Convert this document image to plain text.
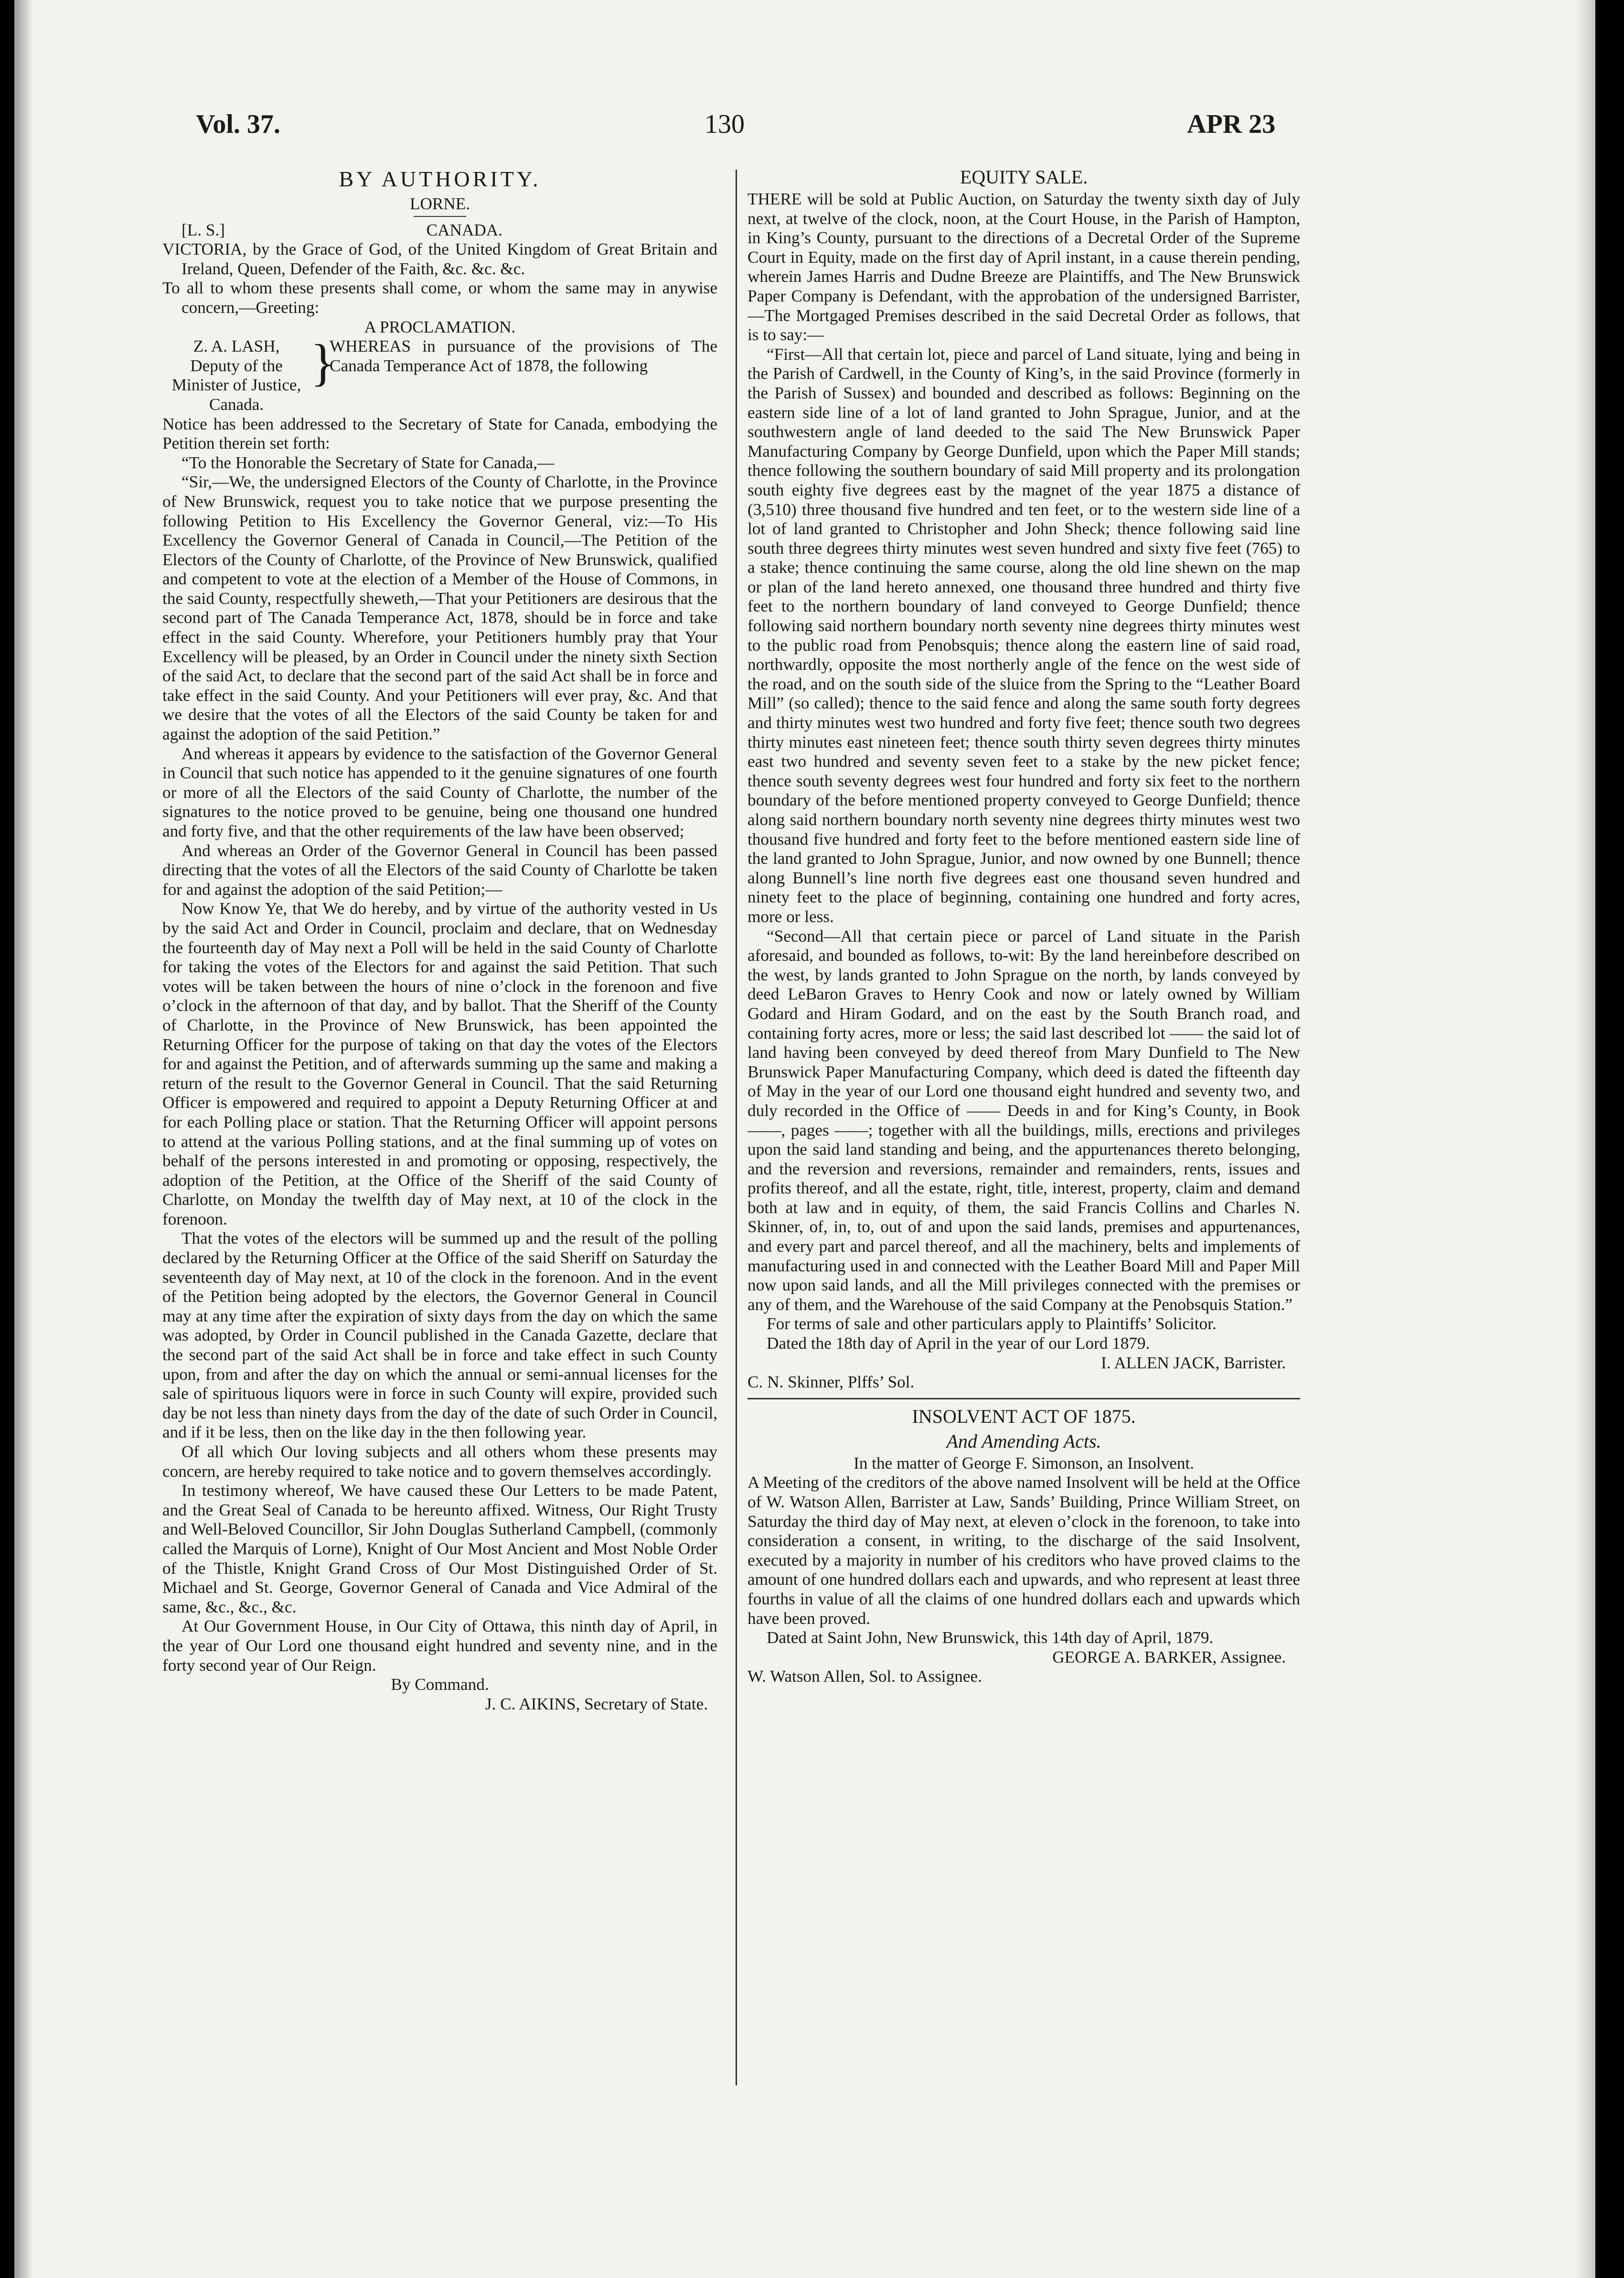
Vol. 37.	130	APR 23

BY AUTHORITY.

LORNE.

[L. S.]	CANADA.

VICTORIA, by the Grace of God, of the United Kingdom of Great Britain and Ireland, Queen, Defender of the Faith, &c. &c. &c.

To all to whom these presents shall come, or whom the same may in anywise concern,—Greeting:

A PROCLAMATION.

Z. A. LASH,
Deputy of the Minister of Justice, Canada.
}
WHEREAS in pursuance of the provisions of The Canada Temperance Act of 1878, the following

Notice has been addressed to the Secretary of State for Canada, embodying the Petition therein set forth:

“To the Honorable the Secretary of State for Canada,—

“Sir,—We, the undersigned Electors of the County of Charlotte, in the Province of New Brunswick, request you to take notice that we purpose presenting the following Petition to His Excellency the Governor General, viz:—To His Excellency the Governor General of Canada in Council,—The Petition of the Electors of the County of Charlotte, of the Province of New Brunswick, qualified and competent to vote at the election of a Member of the House of Commons, in the said County, respectfully sheweth,—That your Petitioners are desirous that the second part of The Canada Temperance Act, 1878, should be in force and take effect in the said County. Wherefore, your Petitioners humbly pray that Your Excellency will be pleased, by an Order in Council under the ninety sixth Section of the said Act, to declare that the second part of the said Act shall be in force and take effect in the said County. And your Petitioners will ever pray, &c. And that we desire that the votes of all the Electors of the said County be taken for and against the adoption of the said Petition.”

And whereas it appears by evidence to the satisfaction of the Governor General in Council that such notice has appended to it the genuine signatures of one fourth or more of all the Electors of the said County of Charlotte, the number of the signatures to the notice proved to be genuine, being one thousand one hundred and forty five, and that the other requirements of the law have been observed;

And whereas an Order of the Governor General in Council has been passed directing that the votes of all the Electors of the said County of Charlotte be taken for and against the adoption of the said Petition;—

Now Know Ye, that We do hereby, and by virtue of the authority vested in Us by the said Act and Order in Council, proclaim and declare, that on Wednesday the fourteenth day of May next a Poll will be held in the said County of Charlotte for taking the votes of the Electors for and against the said Petition. That such votes will be taken between the hours of nine o’clock in the forenoon and five o’clock in the afternoon of that day, and by ballot. That the Sheriff of the County of Charlotte, in the Province of New Brunswick, has been appointed the Returning Officer for the purpose of taking on that day the votes of the Electors for and against the Petition, and of afterwards summing up the same and making a return of the result to the Governor General in Council. That the said Returning Officer is empowered and required to appoint a Deputy Returning Officer at and for each Polling place or station. That the Returning Officer will appoint persons to attend at the various Polling stations, and at the final summing up of votes on behalf of the persons interested in and promoting or opposing, respectively, the adoption of the Petition, at the Office of the Sheriff of the said County of Charlotte, on Monday the twelfth day of May next, at 10 of the clock in the forenoon.

That the votes of the electors will be summed up and the result of the polling declared by the Returning Officer at the Office of the said Sheriff on Saturday the seventeenth day of May next, at 10 of the clock in the forenoon. And in the event of the Petition being adopted by the electors, the Governor General in Council may at any time after the expiration of sixty days from the day on which the same was adopted, by Order in Council published in the Canada Gazette, declare that the second part of the said Act shall be in force and take effect in such County upon, from and after the day on which the annual or semi-annual licenses for the sale of spirituous liquors were in force in such County will expire, provided such day be not less than ninety days from the day of the date of such Order in Council, and if it be less, then on the like day in the then following year.

Of all which Our loving subjects and all others whom these presents may concern, are hereby required to take notice and to govern themselves accordingly.

In testimony whereof, We have caused these Our Letters to be made Patent, and the Great Seal of Canada to be hereunto affixed. Witness, Our Right Trusty and Well-Beloved Councillor, Sir John Douglas Sutherland Campbell, (commonly called the Marquis of Lorne), Knight of Our Most Ancient and Most Noble Order of the Thistle, Knight Grand Cross of Our Most Distinguished Order of St. Michael and St. George, Governor General of Canada and Vice Admiral of the same, &c., &c., &c.

At Our Government House, in Our City of Ottawa, this ninth day of April, in the year of Our Lord one thousand eight hundred and seventy nine, and in the forty second year of Our Reign.

By Command.

J. C. AIKINS, Secretary of State.

EQUITY SALE.

THERE will be sold at Public Auction, on Saturday the twenty sixth day of July next, at twelve of the clock, noon, at the Court House, in the Parish of Hampton, in King’s County, pursuant to the directions of a Decretal Order of the Supreme Court in Equity, made on the first day of April instant, in a cause therein pending, wherein James Harris and Dudne Breeze are Plaintiffs, and The New Brunswick Paper Company is Defendant, with the approbation of the undersigned Barrister,—The Mortgaged Premises described in the said Decretal Order as follows, that is to say:—

“First—All that certain lot, piece and parcel of Land situate, lying and being in the Parish of Cardwell, in the County of King’s, in the said Province (formerly in the Parish of Sussex) and bounded and described as follows: Beginning on the eastern side line of a lot of land granted to John Sprague, Junior, and at the southwestern angle of land deeded to the said The New Brunswick Paper Manufacturing Company by George Dunfield, upon which the Paper Mill stands; thence following the southern boundary of said Mill property and its prolongation south eighty five degrees east by the magnet of the year 1875 a distance of (3,510) three thousand five hundred and ten feet, or to the western side line of a lot of land granted to Christopher and John Sheck; thence following said line south three degrees thirty minutes west seven hundred and sixty five feet (765) to a stake; thence continuing the same course, along the old line shewn on the map or plan of the land hereto annexed, one thousand three hundred and thirty five feet to the northern boundary of land conveyed to George Dunfield; thence following said northern boundary north seventy nine degrees thirty minutes west to the public road from Penobsquis; thence along the eastern line of said road, northwardly, opposite the most northerly angle of the fence on the west side of the road, and on the south side of the sluice from the Spring to the “Leather Board Mill” (so called); thence to the said fence and along the same south forty degrees and thirty minutes west two hundred and forty five feet; thence south two degrees thirty minutes east nineteen feet; thence south thirty seven degrees thirty minutes east two hundred and seventy seven feet to a stake by the new picket fence; thence south seventy degrees west four hundred and forty six feet to the northern boundary of the before mentioned property conveyed to George Dunfield; thence along said northern boundary north seventy nine degrees thirty minutes west two thousand five hundred and forty feet to the before mentioned eastern side line of the land granted to John Sprague, Junior, and now owned by one Bunnell; thence along Bunnell’s line north five degrees east one thousand seven hundred and ninety feet to the place of beginning, containing one hundred and forty acres, more or less.

“Second—All that certain piece or parcel of Land situate in the Parish aforesaid, and bounded as follows, to-wit: By the land hereinbefore described on the west, by lands granted to John Sprague on the north, by lands conveyed by deed LeBaron Graves to Henry Cook and now or lately owned by William Godard and Hiram Godard, and on the east by the South Branch road, and containing forty acres, more or less; the said last described lot —— the said lot of land having been conveyed by deed thereof from Mary Dunfield to The New Brunswick Paper Manufacturing Company, which deed is dated the fifteenth day of May in the year of our Lord one thousand eight hundred and seventy two, and duly recorded in the Office of —— Deeds in and for King’s County, in Book ——, pages ——; together with all the buildings, mills, erections and privileges upon the said land standing and being, and the appurtenances thereto belonging, and the reversion and reversions, remainder and remainders, rents, issues and profits thereof, and all the estate, right, title, interest, property, claim and demand both at law and in equity, of them, the said Francis Collins and Charles N. Skinner, of, in, to, out of and upon the said lands, premises and appurtenances, and every part and parcel thereof, and all the machinery, belts and implements of manufacturing used in and connected with the Leather Board Mill and Paper Mill now upon said lands, and all the Mill privileges connected with the premises or any of them, and the Warehouse of the said Company at the Penobsquis Station.”

For terms of sale and other particulars apply to Plaintiffs’ Solicitor.

Dated the 18th day of April in the year of our Lord 1879.

I. ALLEN JACK, Barrister.

C. N. Skinner, Plffs’ Sol.

INSOLVENT ACT OF 1875.

And Amending Acts.

In the matter of George F. Simonson, an Insolvent.

A Meeting of the creditors of the above named Insolvent will be held at the Office of W. Watson Allen, Barrister at Law, Sands’ Building, Prince William Street, on Saturday the third day of May next, at eleven o’clock in the forenoon, to take into consideration a consent, in writing, to the discharge of the said Insolvent, executed by a majority in number of his creditors who have proved claims to the amount of one hundred dollars each and upwards, and who represent at least three fourths in value of all the claims of one hundred dollars each and upwards which have been proved.

Dated at Saint John, New Brunswick, this 14th day of April, 1879.

GEORGE A. BARKER, Assignee.

W. Watson Allen, Sol. to Assignee.
